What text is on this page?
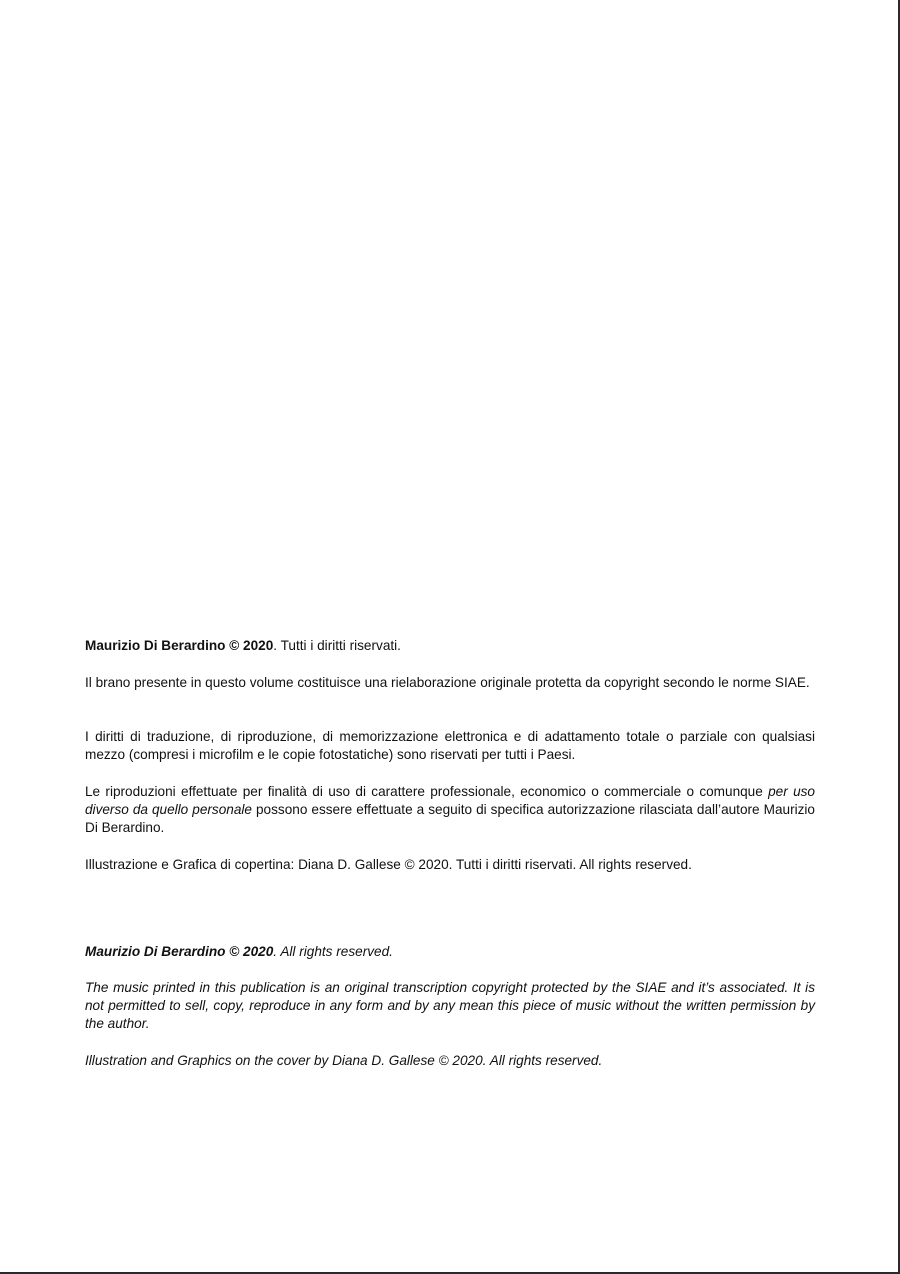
Maurizio Di Berardino © 2020. Tutti i diritti riservati.

Il brano presente in questo volume costituisce una rielaborazione originale protetta da copyright secondo le norme SIAE.

I diritti di traduzione, di riproduzione, di memorizzazione elettronica e di adattamento totale o parziale con qualsiasi mezzo (compresi i microfilm e le copie fotostatiche) sono riservati per tutti i Paesi.

Le riproduzioni effettuate per finalità di uso di carattere professionale, economico o commerciale o comunque per uso diverso da quello personale possono essere effettuate a seguito di specifica autorizzazione rilasciata dall’autore Maurizio Di Berardino.

Illustrazione e Grafica di copertina: Diana D. Gallese © 2020. Tutti i diritti riservati. All rights reserved.

Maurizio Di Berardino © 2020. All rights reserved.

The music printed in this publication is an original transcription copyright protected by the SIAE and it’s associated. It is not permitted to sell, copy, reproduce in any form and by any mean this piece of music without the written permission by the author.

Illustration and Graphics on the cover by Diana D. Gallese © 2020. All rights reserved.
